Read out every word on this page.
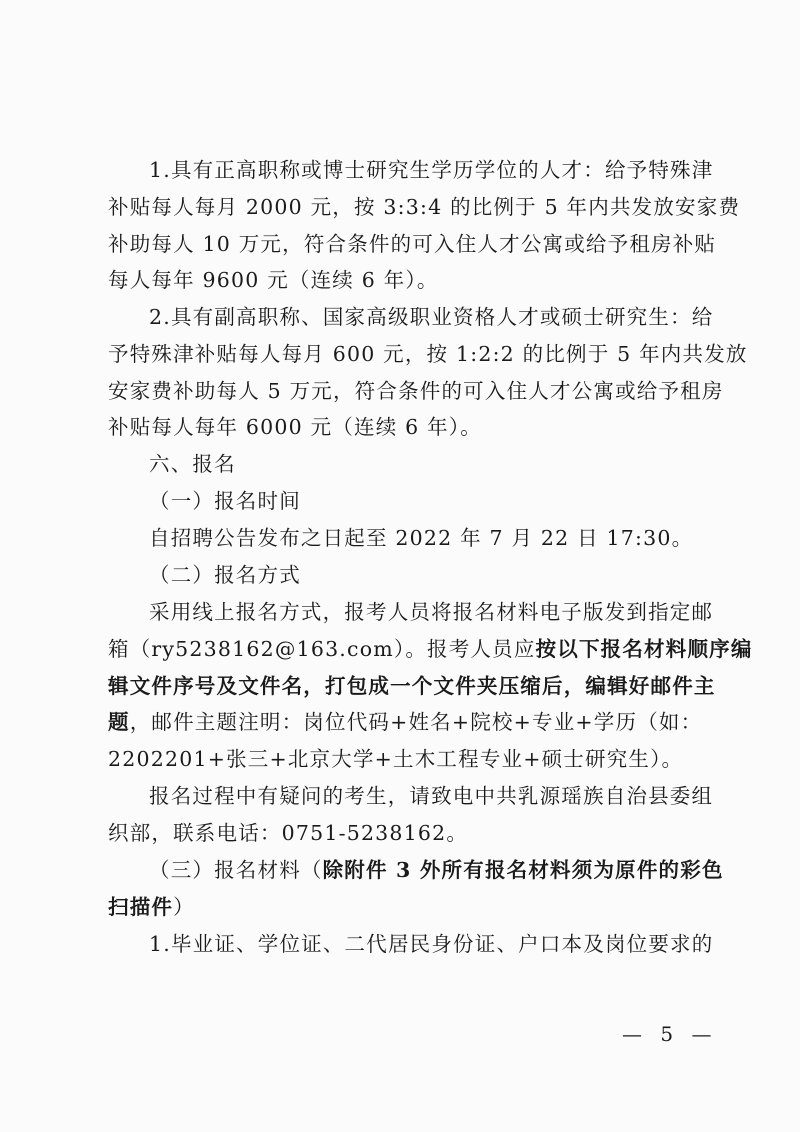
1.具有正高职称或博士研究生学历学位的人才：给予特殊津
补贴每人每月 2000 元，按 3:3:4 的比例于 5 年内共发放安家费
补助每人 10 万元，符合条件的可入住人才公寓或给予租房补贴
每人每年 9600 元（连续 6 年）。
2.具有副高职称、国家高级职业资格人才或硕士研究生：给
予特殊津补贴每人每月 600 元，按 1:2:2 的比例于 5 年内共发放
安家费补助每人 5 万元，符合条件的可入住人才公寓或给予租房
补贴每人每年 6000 元（连续 6 年）。
六、报名
（一）报名时间
自招聘公告发布之日起至 2022 年 7 月 22 日 17:30。
（二）报名方式
采用线上报名方式，报考人员将报名材料电子版发到指定邮
箱（ry5238162@163.com）。报考人员应按以下报名材料顺序编
辑文件序号及文件名，打包成一个文件夹压缩后，编辑好邮件主
题，邮件主题注明：岗位代码+姓名+院校+专业+学历（如：
2202201+张三+北京大学+土木工程专业+硕士研究生）。
报名过程中有疑问的考生，请致电中共乳源瑶族自治县委组
织部，联系电话：0751-5238162。
（三）报名材料（除附件 3 外所有报名材料须为原件的彩色
扫描件）
1.毕业证、学位证、二代居民身份证、户口本及岗位要求的
— 5 —
